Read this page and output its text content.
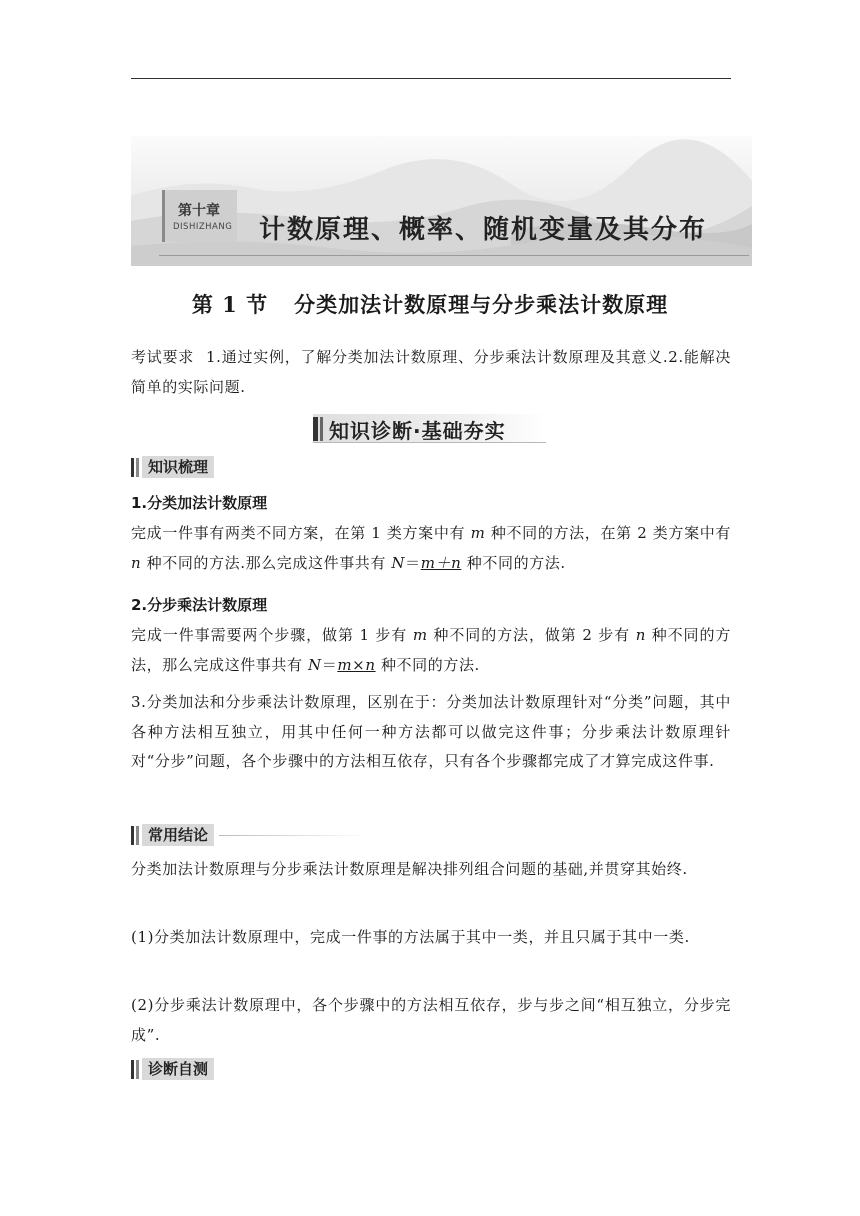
第十章
DISHIZHANG 计数原理、概率、随机变量及其分布
第 1 节 分类加法计数原理与分步乘法计数原理
考试要求 1.通过实例，了解分类加法计数原理、分步乘法计数原理及其意义.2.能解决简单的实际问题.
知识诊断·基础夯实
知识梳理
1.分类加法计数原理
完成一件事有两类不同方案，在第 1 类方案中有 m 种不同的方法，在第 2 类方案中有 n 种不同的方法.那么完成这件事共有 N＝m＋n 种不同的方法.
2.分步乘法计数原理
完成一件事需要两个步骤，做第 1 步有 m 种不同的方法，做第 2 步有 n 种不同的方法，那么完成这件事共有 N＝m×n 种不同的方法.
3.分类加法和分步乘法计数原理，区别在于：分类加法计数原理针对“分类”问题，其中各种方法相互独立，用其中任何一种方法都可以做完这件事；分步乘法计数原理针对“分步”问题，各个步骤中的方法相互依存，只有各个步骤都完成了才算完成这件事.
常用结论
分类加法计数原理与分步乘法计数原理是解决排列组合问题的基础,并贯穿其始终.
(1)分类加法计数原理中，完成一件事的方法属于其中一类，并且只属于其中一类.
(2)分步乘法计数原理中，各个步骤中的方法相互依存，步与步之间“相互独立，分步完成”.
诊断自测
